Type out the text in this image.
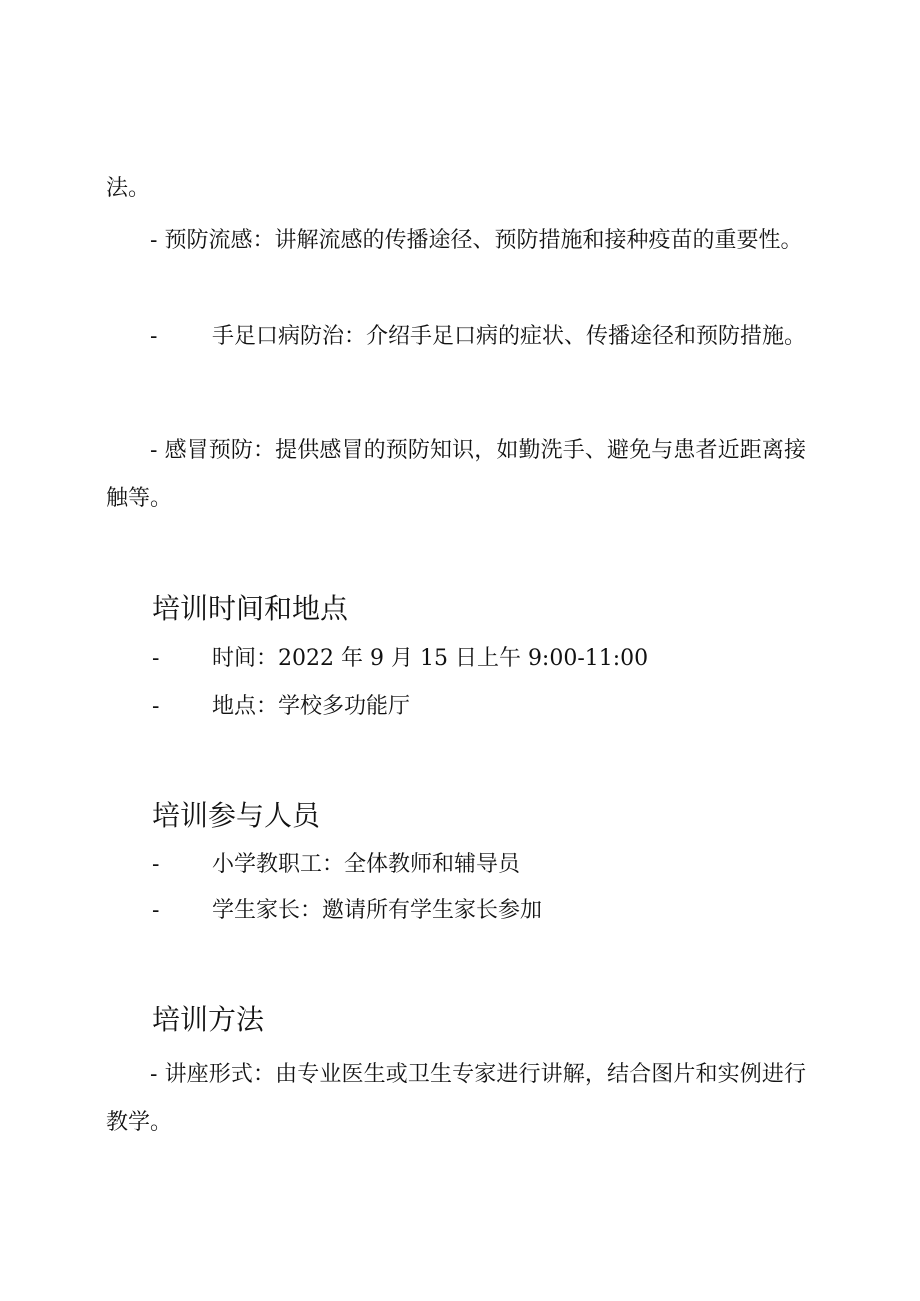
法。
- 预防流感：讲解流感的传播途径、预防措施和接种疫苗的重要性。
- 手足口病防治：介绍手足口病的症状、传播途径和预防措施。
- 感冒预防：提供感冒的预防知识，如勤洗手、避免与患者近距离接触等。
培训时间和地点
- 时间：2022 年 9 月 15 日上午 9:00-11:00
- 地点：学校多功能厅
培训参与人员
- 小学教职工：全体教师和辅导员
- 学生家长：邀请所有学生家长参加
培训方法
- 讲座形式：由专业医生或卫生专家进行讲解，结合图片和实例进行教学。
